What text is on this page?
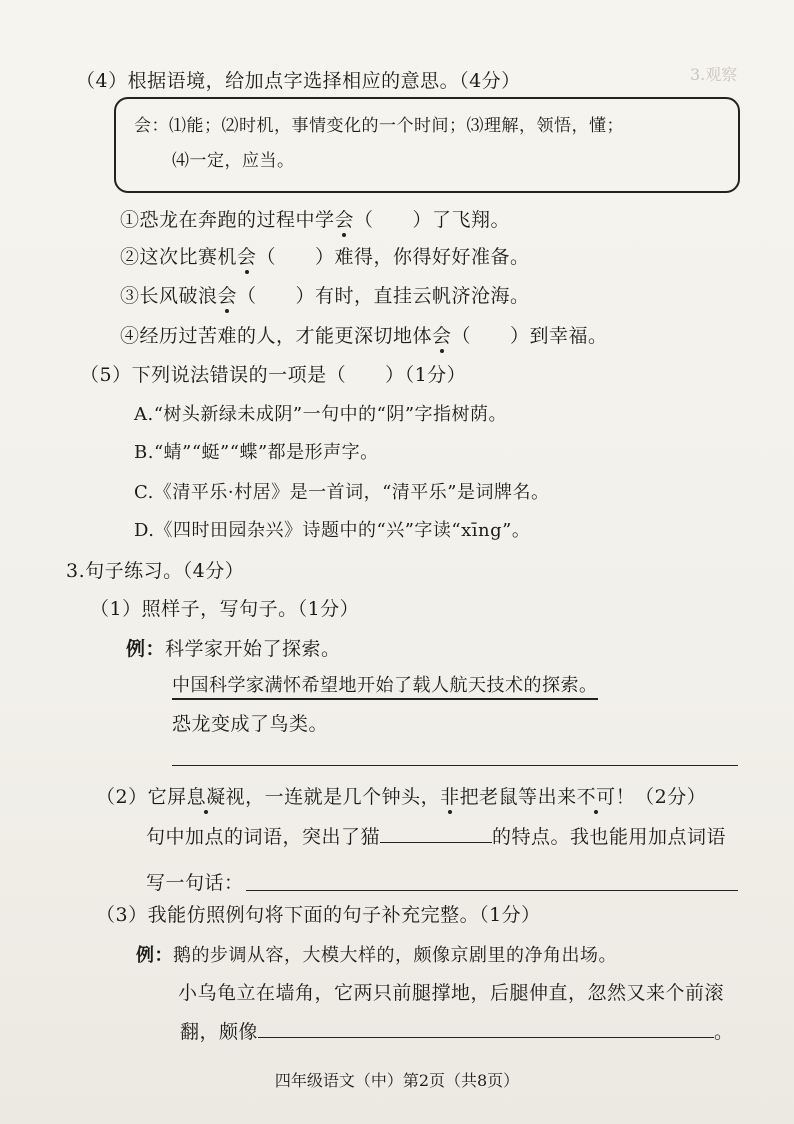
3.观察
（4）根据语境，给加点字选择相应的意思。（4分）
会：⑴能；⑵时机，事情变化的一个时间；⑶理解，领悟，懂；
⑷一定，应当。
①恐龙在奔跑的过程中学会（　　）了飞翔。
②这次比赛机会（　　）难得，你得好好准备。
③长风破浪会（　　）有时，直挂云帆济沧海。
④经历过苦难的人，才能更深切地体会（　　）到幸福。
（5）下列说法错误的一项是（　　）（1分）
A.“树头新绿未成阴”一句中的“阴”字指树荫。
B.“蜻”“蜓”“蝶”都是形声字。
C.《清平乐·村居》是一首词，“清平乐”是词牌名。
D.《四时田园杂兴》诗题中的“兴”字读“xīng”。
3.句子练习。（4分）
（1）照样子，写句子。（1分）
例：科学家开始了探索。
中国科学家满怀希望地开始了载人航天技术的探索。
恐龙变成了鸟类。
（2）它屏息凝视，一连就是几个钟头，非把老鼠等出来不可！（2分）
句中加点的词语，突出了猫	的特点。我也能用加点词语
写一句话：
（3）我能仿照例句将下面的句子补充完整。（1分）
例：鹅的步调从容，大模大样的，颇像京剧里的净角出场。
小乌龟立在墙角，它两只前腿撑地，后腿伸直，忽然又来个前滚
翻，颇像	。
四年级语文（中）第2页（共8页）
